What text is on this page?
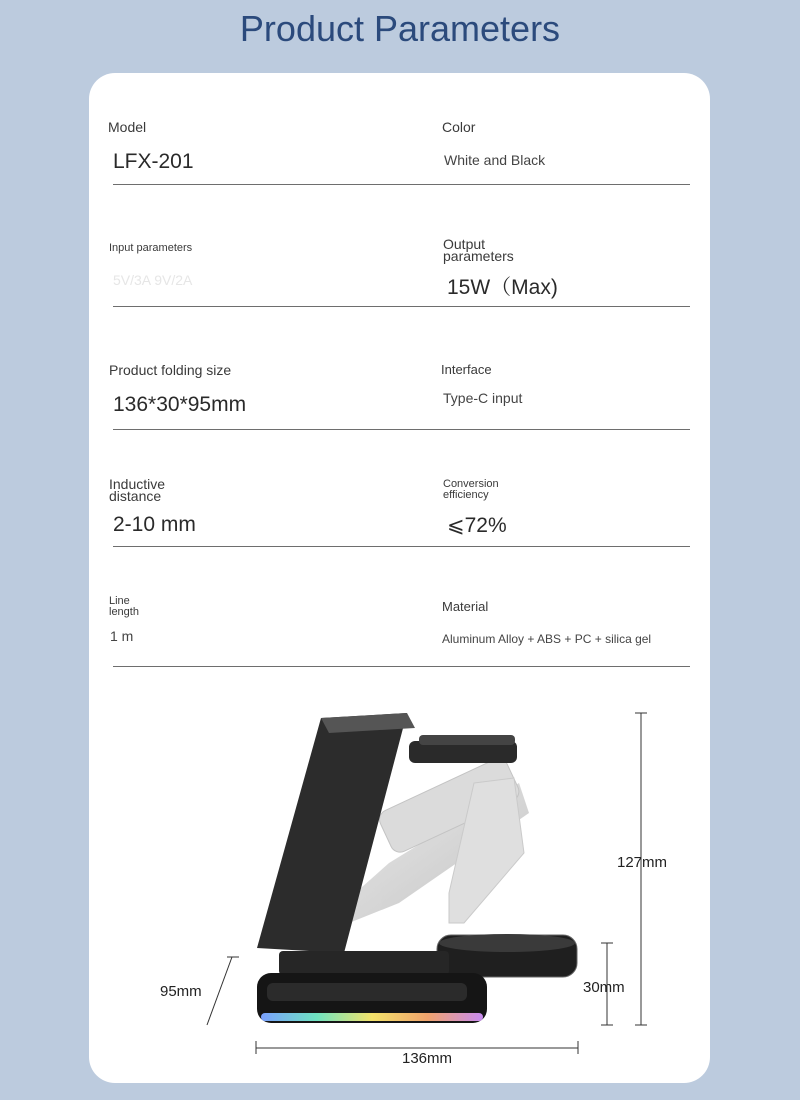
Product Parameters
Model
LFX-201
Color
White and Black
Input parameters
5V/3A 9V/2A
Output parameters
15W（Max)
Product folding size
136*30*95mm
Interface
Type-C input
Inductive distance
2-10 mm
Conversion efficiency
⩽72%
Line length
1 m
Material
Aluminum Alloy + ABS + PC + silica gel
127mm
95mm	30mm
136mm
